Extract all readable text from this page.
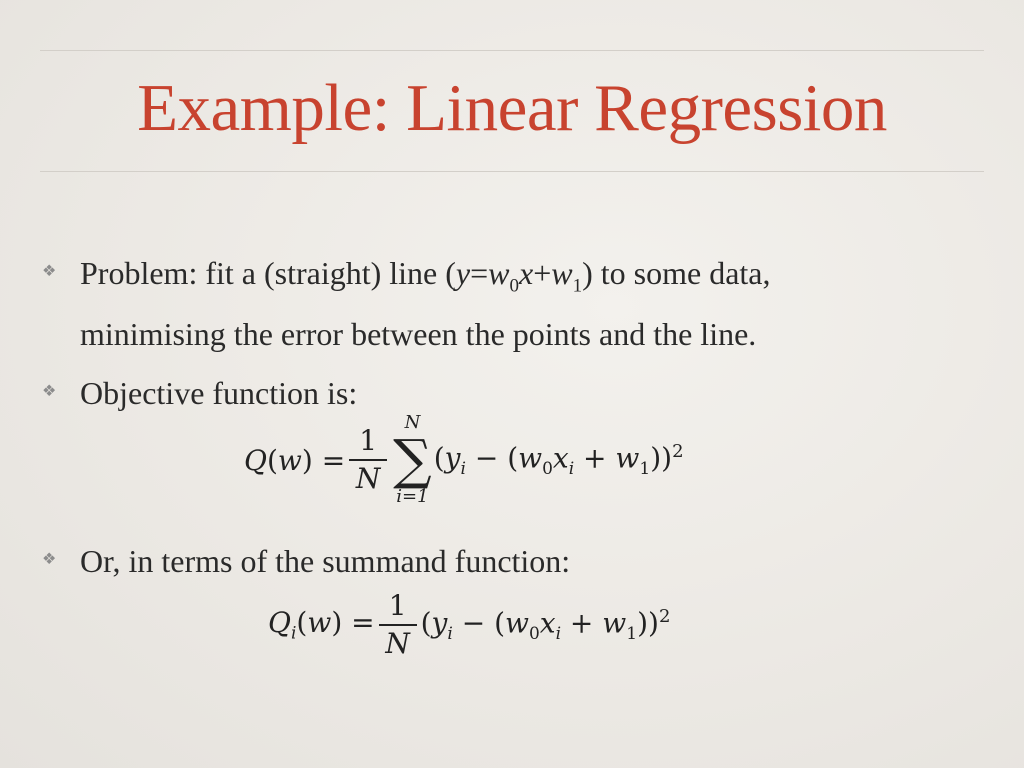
Example: Linear Regression
❖ Problem: fit a (straight) line $(y=w_0x+w_1)$ to some data,
minimising the error between the points and the line.
❖ Objective function is:
$Q(w) = \frac{1}{N}$
N
∑
i=1
$(y_i - (w_0x_i + w_1))^2$
❖ Or, in terms of the summand function:
$Q_i(w) = \frac{1}{N} (y_i - (w_0x_i + w_1))^2$
